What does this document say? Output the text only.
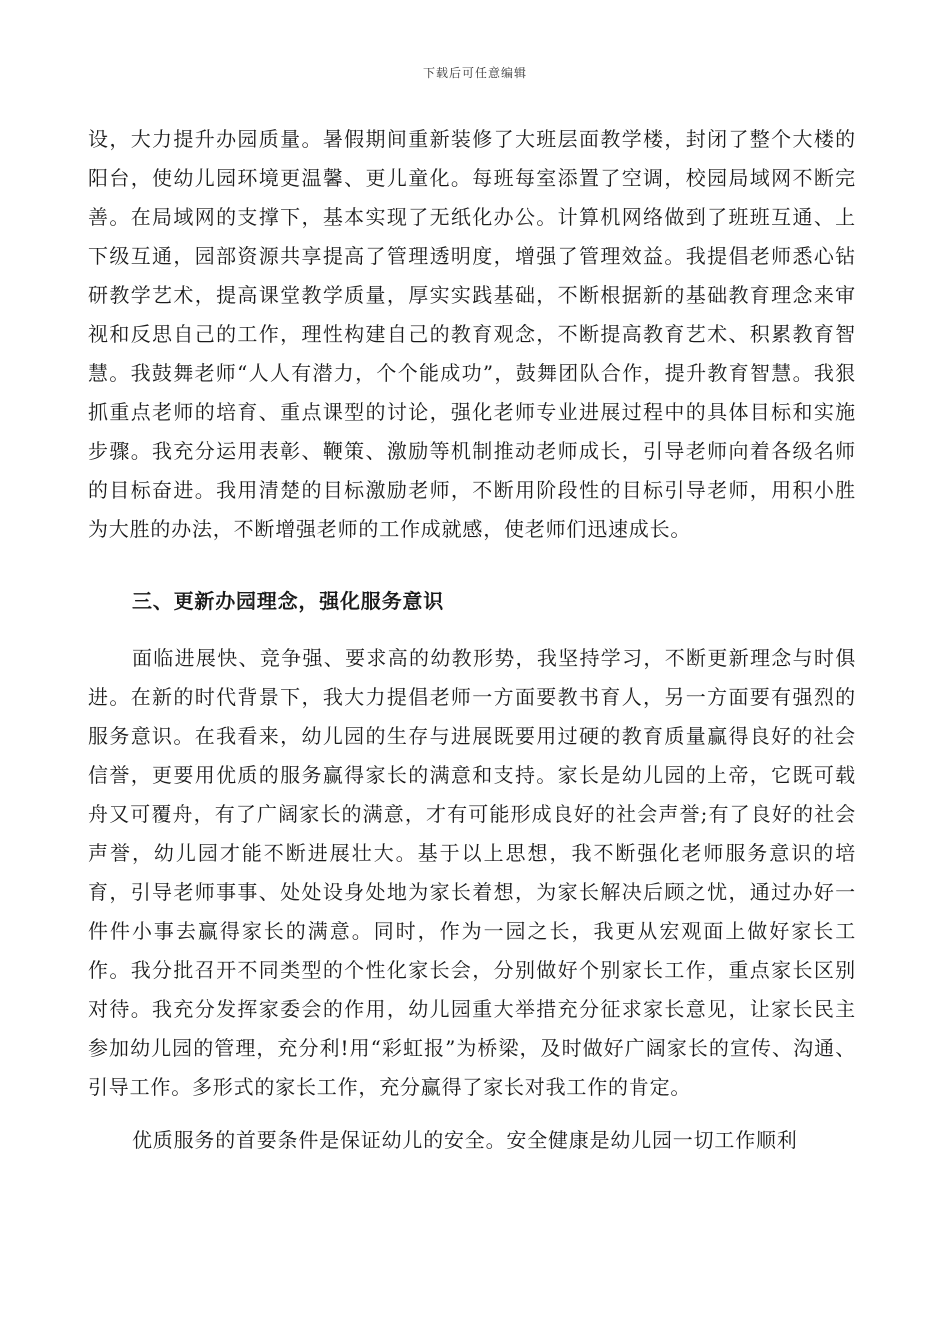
下载后可任意编辑

设，大力提升办园质量。暑假期间重新装修了大班层面教学楼，封闭了整个大楼的阳台，使幼儿园环境更温馨、更儿童化。每班每室添置了空调，校园局域网不断完善。在局域网的支撑下，基本实现了无纸化办公。计算机网络做到了班班互通、上下级互通，园部资源共享提高了管理透明度，增强了管理效益。我提倡老师悉心钻研教学艺术，提高课堂教学质量，厚实实践基础，不断根据新的基础教育理念来审视和反思自己的工作，理性构建自己的教育观念，不断提高教育艺术、积累教育智慧。我鼓舞老师“人人有潜力，个个能成功”，鼓舞团队合作，提升教育智慧。我狠抓重点老师的培育、重点课型的讨论，强化老师专业进展过程中的具体目标和实施步骤。我充分运用表彰、鞭策、激励等机制推动老师成长，引导老师向着各级名师的目标奋进。我用清楚的目标激励老师，不断用阶段性的目标引导老师，用积小胜为大胜的办法，不断增强老师的工作成就感，使老师们迅速成长。

三、更新办园理念，强化服务意识

面临进展快、竞争强、要求高的幼教形势，我坚持学习，不断更新理念与时俱进。在新的时代背景下，我大力提倡老师一方面要教书育人，另一方面要有强烈的服务意识。在我看来，幼儿园的生存与进展既要用过硬的教育质量赢得良好的社会信誉，更要用优质的服务赢得家长的满意和支持。家长是幼儿园的上帝，它既可载舟又可覆舟，有了广阔家长的满意，才有可能形成良好的社会声誉;有了良好的社会声誉，幼儿园才能不断进展壮大。基于以上思想，我不断强化老师服务意识的培育，引导老师事事、处处设身处地为家长着想，为家长解决后顾之忧，通过办好一件件小事去赢得家长的满意。同时，作为一园之长，我更从宏观面上做好家长工作。我分批召开不同类型的个性化家长会，分别做好个别家长工作，重点家长区别对待。我充分发挥家委会的作用，幼儿园重大举措充分征求家长意见，让家长民主参加幼儿园的管理，充分利!用“彩虹报”为桥梁，及时做好广阔家长的宣传、沟通、引导工作。多形式的家长工作，充分赢得了家长对我工作的肯定。

优质服务的首要条件是保证幼儿的安全。安全健康是幼儿园一切工作顺利
